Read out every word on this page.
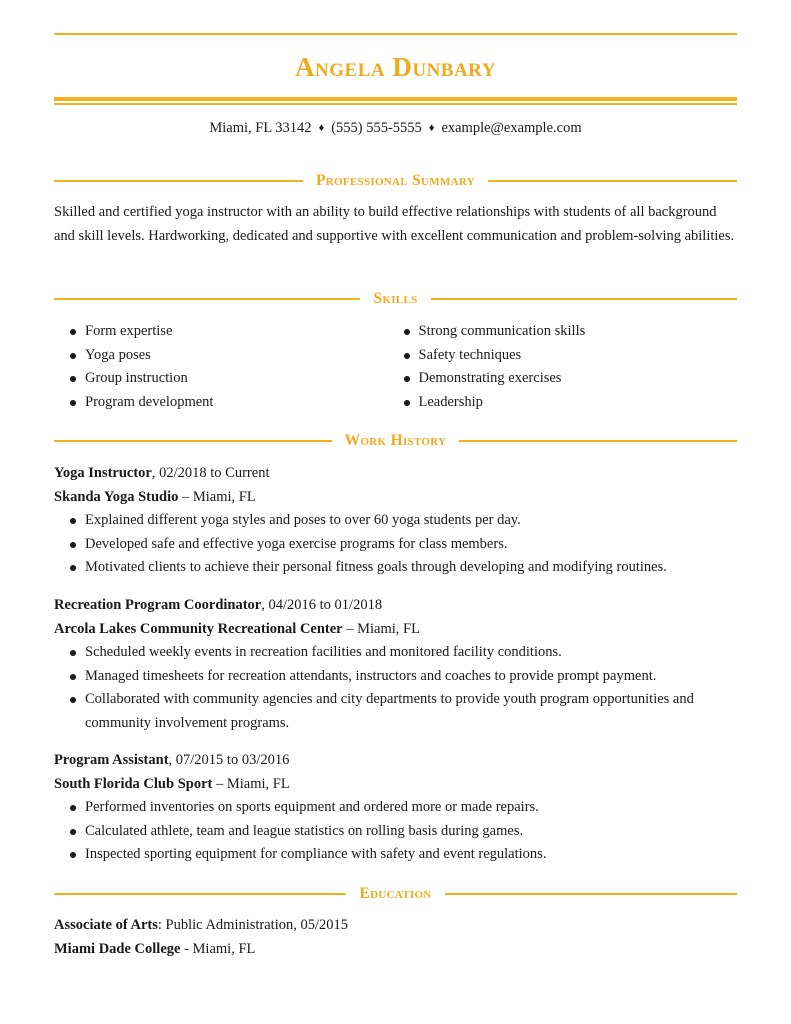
Angela Dunbary
Miami, FL 33142 ♦ (555) 555-5555 ♦ example@example.com
Professional Summary
Skilled and certified yoga instructor with an ability to build effective relationships with students of all background and skill levels. Hardworking, dedicated and supportive with excellent communication and problem-solving abilities.
Skills
Form expertise
Yoga poses
Group instruction
Program development
Strong communication skills
Safety techniques
Demonstrating exercises
Leadership
Work History
Yoga Instructor, 02/2018 to Current
Skanda Yoga Studio – Miami, FL
Explained different yoga styles and poses to over 60 yoga students per day.
Developed safe and effective yoga exercise programs for class members.
Motivated clients to achieve their personal fitness goals through developing and modifying routines.
Recreation Program Coordinator, 04/2016 to 01/2018
Arcola Lakes Community Recreational Center – Miami, FL
Scheduled weekly events in recreation facilities and monitored facility conditions.
Managed timesheets for recreation attendants, instructors and coaches to provide prompt payment.
Collaborated with community agencies and city departments to provide youth program opportunities and community involvement programs.
Program Assistant, 07/2015 to 03/2016
South Florida Club Sport – Miami, FL
Performed inventories on sports equipment and ordered more or made repairs.
Calculated athlete, team and league statistics on rolling basis during games.
Inspected sporting equipment for compliance with safety and event regulations.
Education
Associate of Arts: Public Administration, 05/2015
Miami Dade College - Miami, FL
